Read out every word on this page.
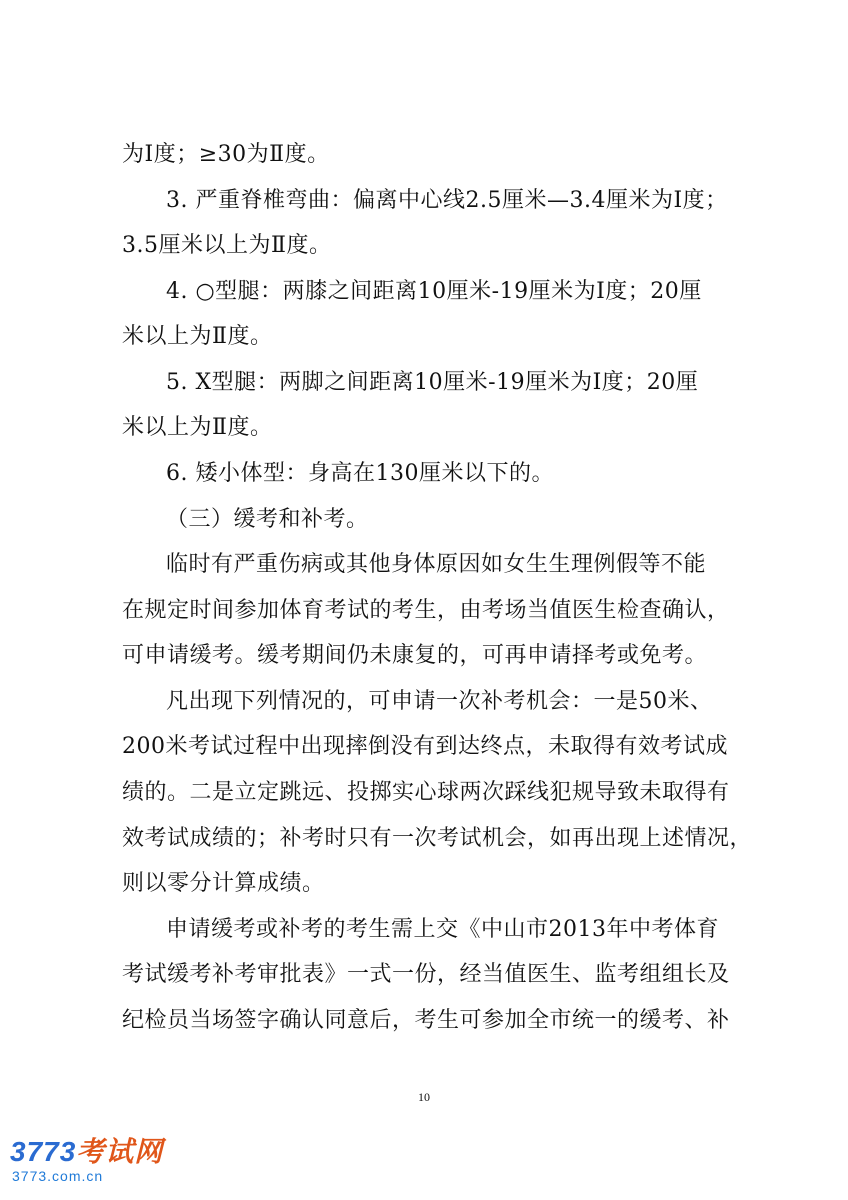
为Ⅰ度；≥30为Ⅱ度。
3. 严重脊椎弯曲：偏离中心线2.5厘米—3.4厘米为Ⅰ度；
3.5厘米以上为Ⅱ度。
4. ○型腿：两膝之间距离10厘米-19厘米为Ⅰ度；20厘
米以上为Ⅱ度。
5. X型腿：两脚之间距离10厘米-19厘米为Ⅰ度；20厘
米以上为Ⅱ度。
6. 矮小体型：身高在130厘米以下的。
（三）缓考和补考。
临时有严重伤病或其他身体原因如女生生理例假等不能
在规定时间参加体育考试的考生，由考场当值医生检查确认，
可申请缓考。缓考期间仍未康复的，可再申请择考或免考。
凡出现下列情况的，可申请一次补考机会：一是50米、
200米考试过程中出现摔倒没有到达终点，未取得有效考试成
绩的。二是立定跳远、投掷实心球两次踩线犯规导致未取得有
效考试成绩的；补考时只有一次考试机会，如再出现上述情况，
则以零分计算成绩。
申请缓考或补考的考生需上交《中山市2013年中考体育
考试缓考补考审批表》一式一份，经当值医生、监考组组长及
纪检员当场签字确认同意后，考生可参加全市统一的缓考、补
10
3773考试网
3773.com.cn
